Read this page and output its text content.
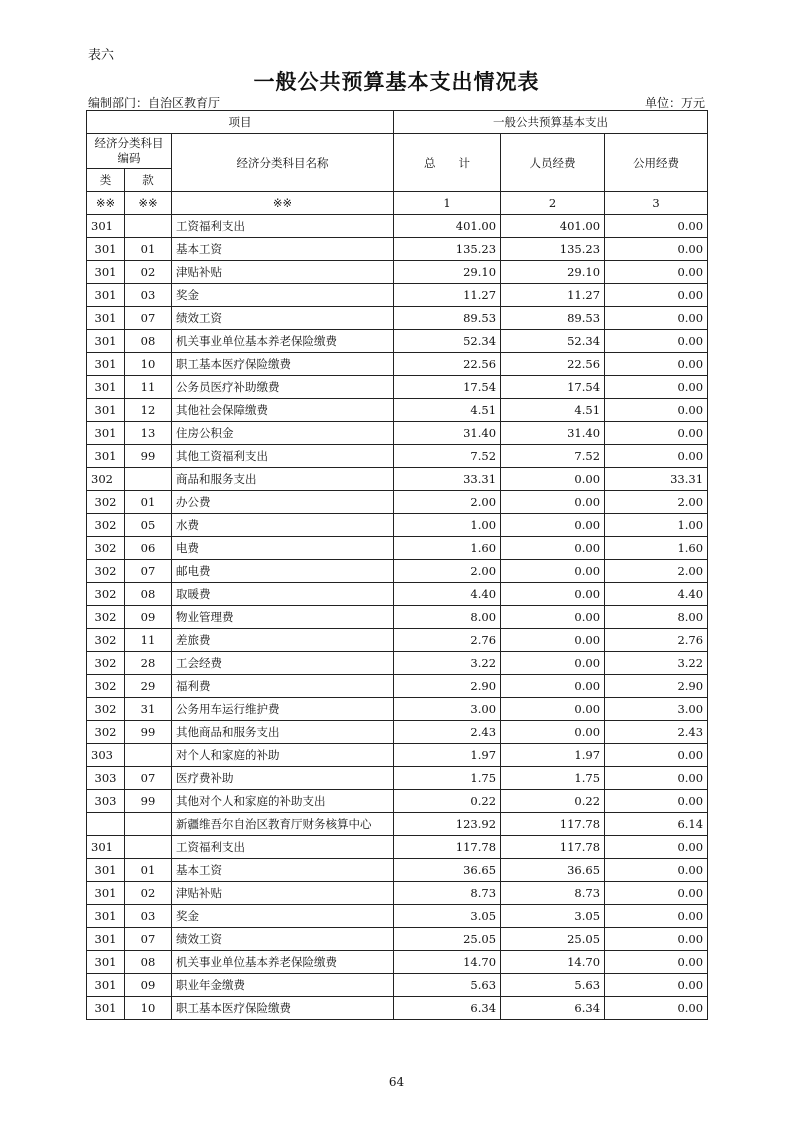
表六
一般公共预算基本支出情况表
编制部门：自治区教育厅	单位：万元
项目			一般公共预算基本支出		
经济分类科目编码		经济分类科目名称	总　　计	人员经费	公用经费
类	款				
※※	※※	※※	1	2	3
301		工资福利支出	401.00	401.00	0.00
301	01	基本工资	135.23	135.23	0.00
301	02	津贴补贴	29.10	29.10	0.00
301	03	奖金	11.27	11.27	0.00
301	07	绩效工资	89.53	89.53	0.00
301	08	机关事业单位基本养老保险缴费	52.34	52.34	0.00
301	10	职工基本医疗保险缴费	22.56	22.56	0.00
301	11	公务员医疗补助缴费	17.54	17.54	0.00
301	12	其他社会保障缴费	4.51	4.51	0.00
301	13	住房公积金	31.40	31.40	0.00
301	99	其他工资福利支出	7.52	7.52	0.00
302		商品和服务支出	33.31	0.00	33.31
302	01	办公费	2.00	0.00	2.00
302	05	水费	1.00	0.00	1.00
302	06	电费	1.60	0.00	1.60
302	07	邮电费	2.00	0.00	2.00
302	08	取暖费	4.40	0.00	4.40
302	09	物业管理费	8.00	0.00	8.00
302	11	差旅费	2.76	0.00	2.76
302	28	工会经费	3.22	0.00	3.22
302	29	福利费	2.90	0.00	2.90
302	31	公务用车运行维护费	3.00	0.00	3.00
302	99	其他商品和服务支出	2.43	0.00	2.43
303		对个人和家庭的补助	1.97	1.97	0.00
303	07	医疗费补助	1.75	1.75	0.00
303	99	其他对个人和家庭的补助支出	0.22	0.22	0.00
		新疆维吾尔自治区教育厅财务核算中心	123.92	117.78	6.14
301		工资福利支出	117.78	117.78	0.00
301	01	基本工资	36.65	36.65	0.00
301	02	津贴补贴	8.73	8.73	0.00
301	03	奖金	3.05	3.05	0.00
301	07	绩效工资	25.05	25.05	0.00
301	08	机关事业单位基本养老保险缴费	14.70	14.70	0.00
301	09	职业年金缴费	5.63	5.63	0.00
301	10	职工基本医疗保险缴费	6.34	6.34	0.00
64
